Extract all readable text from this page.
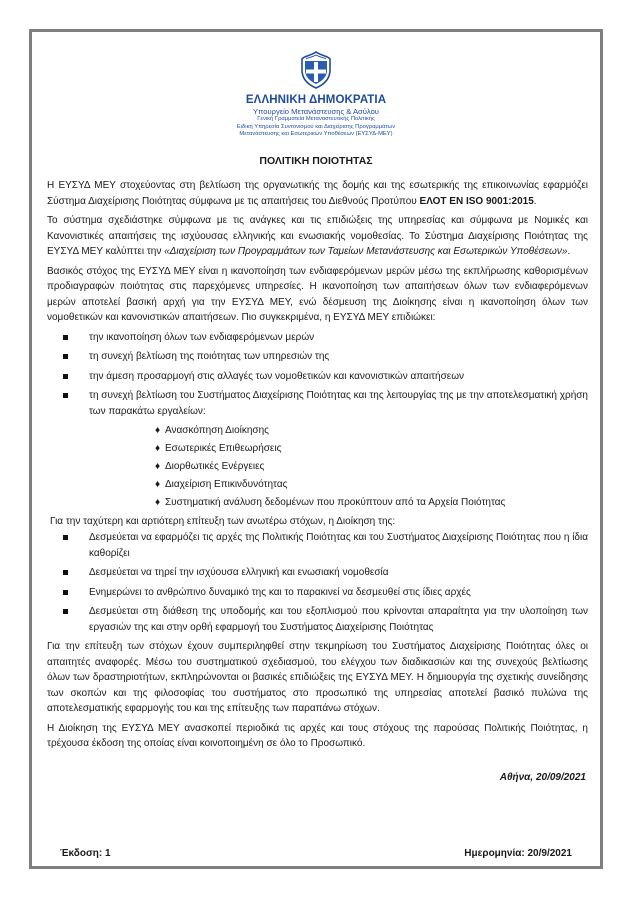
ΕΛΛΗΝΙΚΗ ΔΗΜΟΚΡΑΤΙΑ
Υπουργείο Μετανάστευσης & Ασύλου
Γενική Γραμματεία Μεταναστευτικής Πολιτικής
Ειδική Υπηρεσία Συντονισμού και Διαχείρισης Προγραμμάτων
Μετανάστευσης και Εσωτερικών Υποθέσεων (ΕΥΣΥΔ-ΜΕΥ)
ΠΟΛΙΤΙΚΗ ΠΟΙΟΤΗΤΑΣ

Η ΕΥΣΥΔ ΜΕΥ στοχεύοντας στη βελτίωση της οργανωτικής της δομής και της εσωτερικής της επικοινωνίας εφαρμόζει Σύστημα Διαχείρισης Ποιότητας σύμφωνα με τις απαιτήσεις του Διεθνούς Προτύπου ΕΛΟΤ ΕΝ ISO 9001:2015.

Το σύστημα σχεδιάστηκε σύμφωνα με τις ανάγκες και τις επιδιώξεις της υπηρεσίας και σύμφωνα με Νομικές και Κανονιστικές απαιτήσεις της ισχύουσας ελληνικής και ενωσιακής νομοθεσίας. Το Σύστημα Διαχείρισης Ποιότητας της ΕΥΣΥΔ ΜΕΥ καλύπτει την «Διαχείριση των Προγραμμάτων των Ταμείων Μετανάστευσης και Εσωτερικών Υποθέσεων».

Βασικός στόχος της ΕΥΣΥΔ ΜΕΥ είναι η ικανοποίηση των ενδιαφερόμενων μερών μέσω της εκπλήρωσης καθορισμένων προδιαγραφών ποιότητας στις παρεχόμενες υπηρεσίες. Η ικανοποίηση των απαιτήσεων όλων των ενδιαφερόμενων μερών αποτελεί βασική αρχή για την ΕΥΣΥΔ ΜΕΥ, ενώ δέσμευση της Διοίκησης είναι η ικανοποίηση όλων των νομοθετικών και κανονιστικών απαιτήσεων. Πιο συγκεκριμένα, η ΕΥΣΥΔ ΜΕΥ επιδιώκει:

την ικανοποίηση όλων των ενδιαφερόμενων μερών
τη συνεχή βελτίωση της ποιότητας των υπηρεσιών της
την άμεση προσαρμογή στις αλλαγές των νομοθετικών και κανονιστικών απαιτήσεων
τη συνεχή βελτίωση του Συστήματος Διαχείρισης Ποιότητας και της λειτουργίας της με την αποτελεσματική χρήση των παρακάτω εργαλείων:
♦ Ανασκόπηση Διοίκησης
♦ Εσωτερικές Επιθεωρήσεις
♦ Διορθωτικές Ενέργειες
♦ Διαχείριση Επικινδυνότητας
♦ Συστηματική ανάλυση δεδομένων που προκύπτουν από τα Αρχεία Ποιότητας
Για την ταχύτερη και αρτιότερη επίτευξη των ανωτέρω στόχων, η Διοίκηση της:
Δεσμεύεται να εφαρμόζει τις αρχές της Πολιτικής Ποιότητας και του Συστήματος Διαχείρισης Ποιότητας που η ίδια καθορίζει
Δεσμεύεται να τηρεί την ισχύουσα ελληνική και ενωσιακή νομοθεσία
Ενημερώνει το ανθρώπινο δυναμικό της και το παρακινεί να δεσμευθεί στις ίδιες αρχές
Δεσμεύεται στη διάθεση της υποδομής και του εξοπλισμού που κρίνονται απαραίτητα για την υλοποίηση των εργασιών της και στην ορθή εφαρμογή του Συστήματος Διαχείρισης Ποιότητας

Για την επίτευξη των στόχων έχουν συμπεριληφθεί στην τεκμηρίωση του Συστήματος Διαχείρισης Ποιότητας όλες οι απαιτητές αναφορές. Μέσω του συστηματικού σχεδιασμού, του ελέγχου των διαδικασιών και της συνεχούς βελτίωσης όλων των δραστηριοτήτων, εκπληρώνονται οι βασικές επιδιώξεις της ΕΥΣΥΔ ΜΕΥ. Η δημιουργία της σχετικής συνείδησης των σκοπών και της φιλοσοφίας του συστήματος στο προσωπικό της υπηρεσίας αποτελεί βασικό πυλώνα της αποτελεσματικής εφαρμογής του και της επίτευξης των παραπάνω στόχων.

Η Διοίκηση της ΕΥΣΥΔ ΜΕΥ ανασκοπεί περιοδικά τις αρχές και τους στόχους της παρούσας Πολιτικής Ποιότητας, η τρέχουσα έκδοση της οποίας είναι κοινοποιημένη σε όλο το Προσωπικό.

Αθήνα, 20/09/2021
Έκδοση: 1	Ημερομηνία: 20/9/2021
